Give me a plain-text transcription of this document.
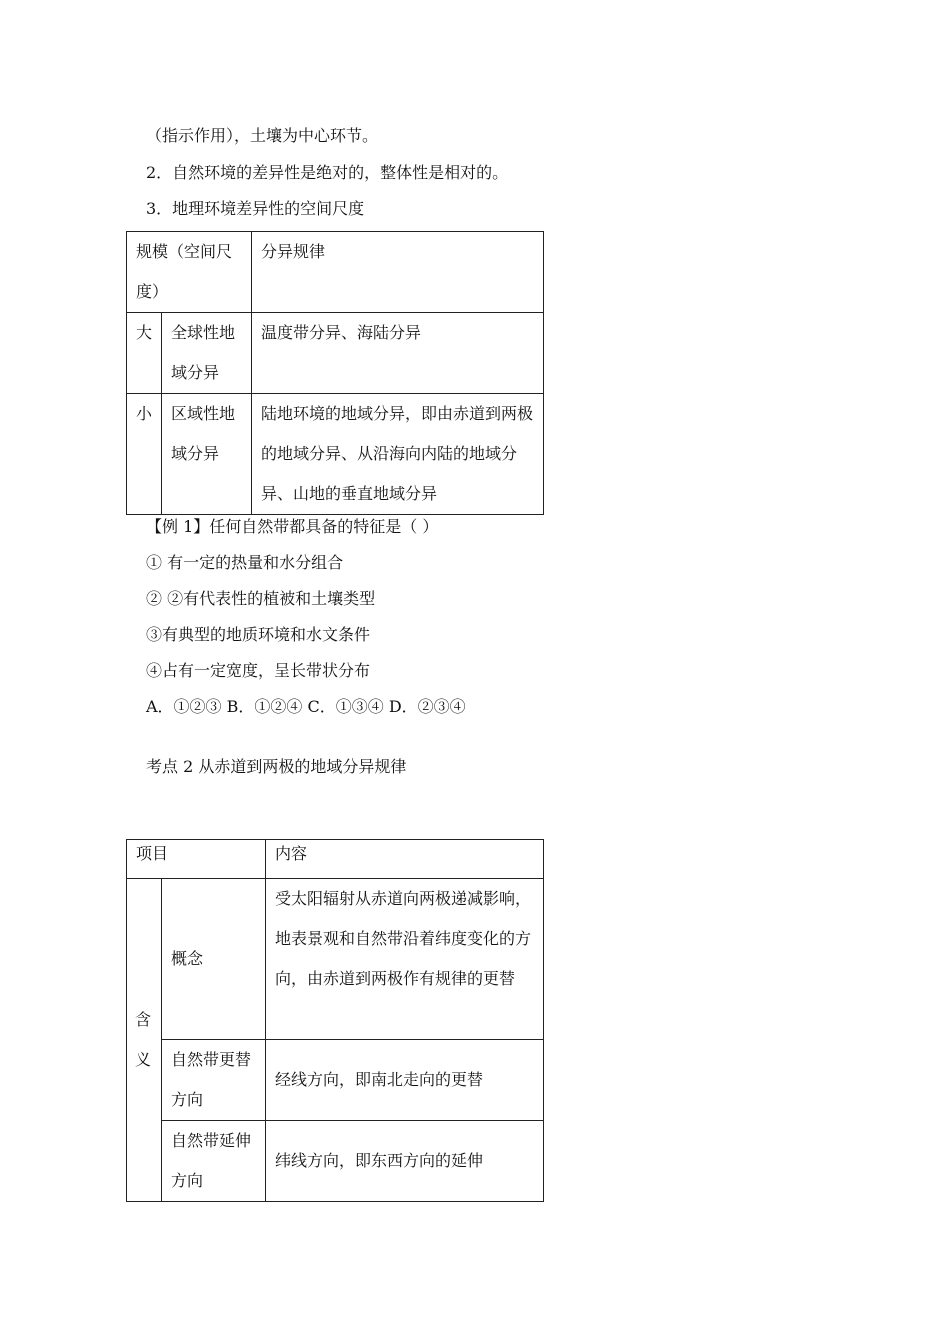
（指示作用），土壤为中心环节。
2．自然环境的差异性是绝对的，整体性是相对的。
3．地理环境差异性的空间尺度
规模（空间尺度）		分异规律
大	全球性地域分异	温度带分异、海陆分异
小	区域性地域分异	陆地环境的地域分异，即由赤道到两极的地域分异、从沿海向内陆的地域分异、山地的垂直地域分异
【例 1】任何自然带都具备的特征是（ ）
① 有一定的热量和水分组合
② ②有代表性的植被和土壤类型
③有典型的地质环境和水文条件
④占有一定宽度，呈长带状分布
A．①②③ B．①②④ C．①③④ D．②③④
考点 2 从赤道到两极的地域分异规律
项目		内容
含义	概念	受太阳辐射从赤道向两极递减影响，地表景观和自然带沿着纬度变化的方向，由赤道到两极作有规律的更替
	自然带更替方向	经线方向，即南北走向的更替
	自然带延伸方向	纬线方向，即东西方向的延伸
